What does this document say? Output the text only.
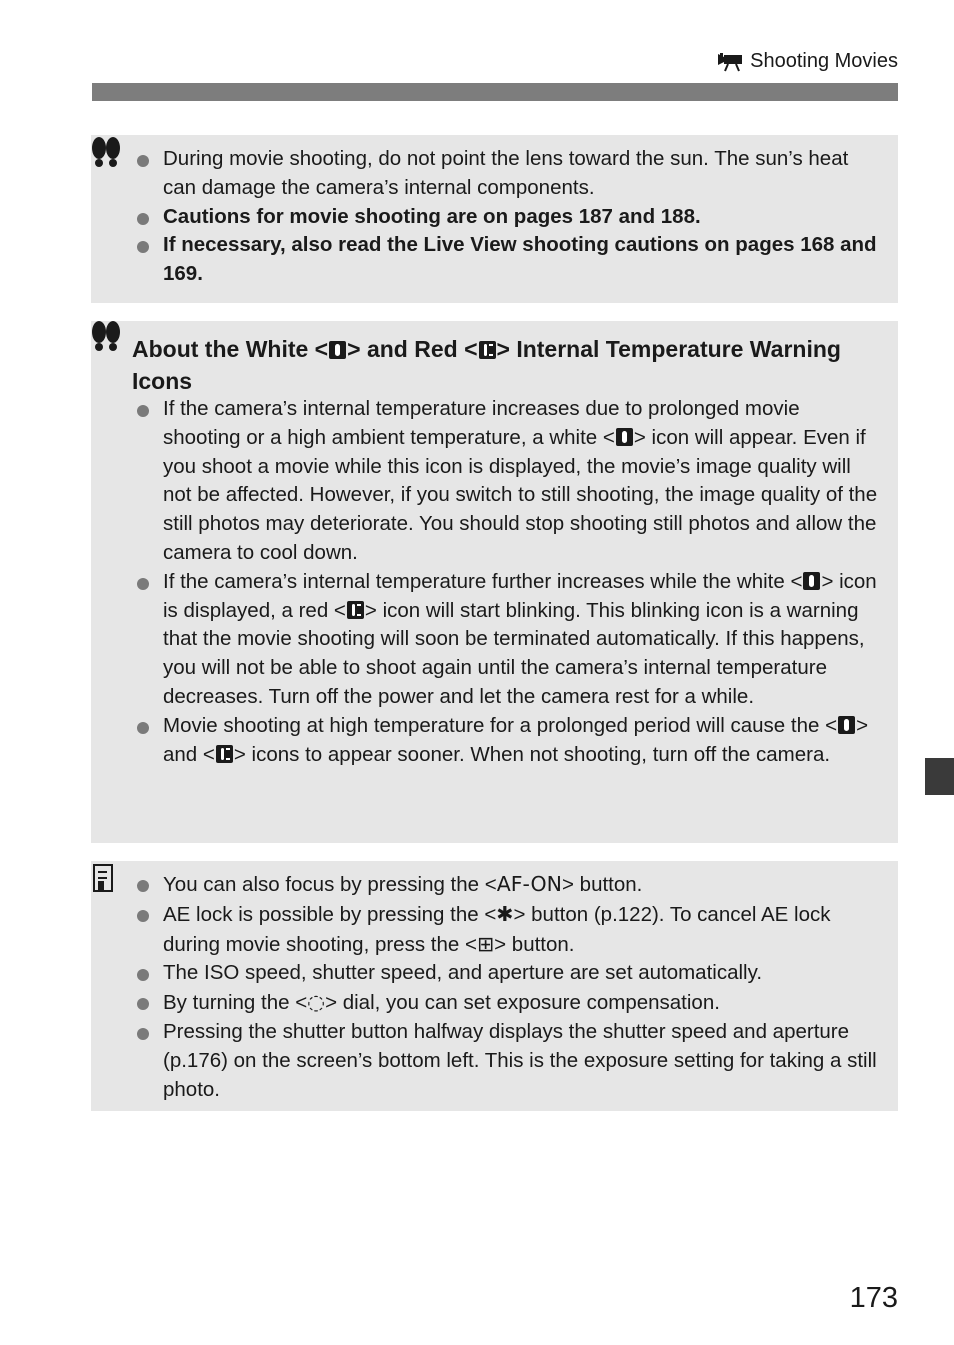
Shooting Movies
During movie shooting, do not point the lens toward the sun. The sun’s heat can damage the camera’s internal components.
Cautions for movie shooting are on pages 187 and 188.
If necessary, also read the Live View shooting cautions on pages 168 and 169.
About the White < > and Red < > Internal Temperature Warning Icons
If the camera’s internal temperature increases due to prolonged movie shooting or a high ambient temperature, a white < > icon will appear. Even if you shoot a movie while this icon is displayed, the movie’s image quality will not be affected. However, if you switch to still shooting, the image quality of the still photos may deteriorate. You should stop shooting still photos and allow the camera to cool down.
If the camera’s internal temperature further increases while the white < > icon is displayed, a red < > icon will start blinking. This blinking icon is a warning that the movie shooting will soon be terminated automatically. If this happens, you will not be able to shoot again until the camera’s internal temperature decreases. Turn off the power and let the camera rest for a while.
Movie shooting at high temperature for a prolonged period will cause the < > and < > icons to appear sooner. When not shooting, turn off the camera.
You can also focus by pressing the <AF-ON> button.
AE lock is possible by pressing the <✱> button (p.122). To cancel AE lock during movie shooting, press the <⊞> button.
The ISO speed, shutter speed, and aperture are set automatically.
By turning the <◌> dial, you can set exposure compensation.
Pressing the shutter button halfway displays the shutter speed and aperture (p.176) on the screen’s bottom left. This is the exposure setting for taking a still photo.
173
